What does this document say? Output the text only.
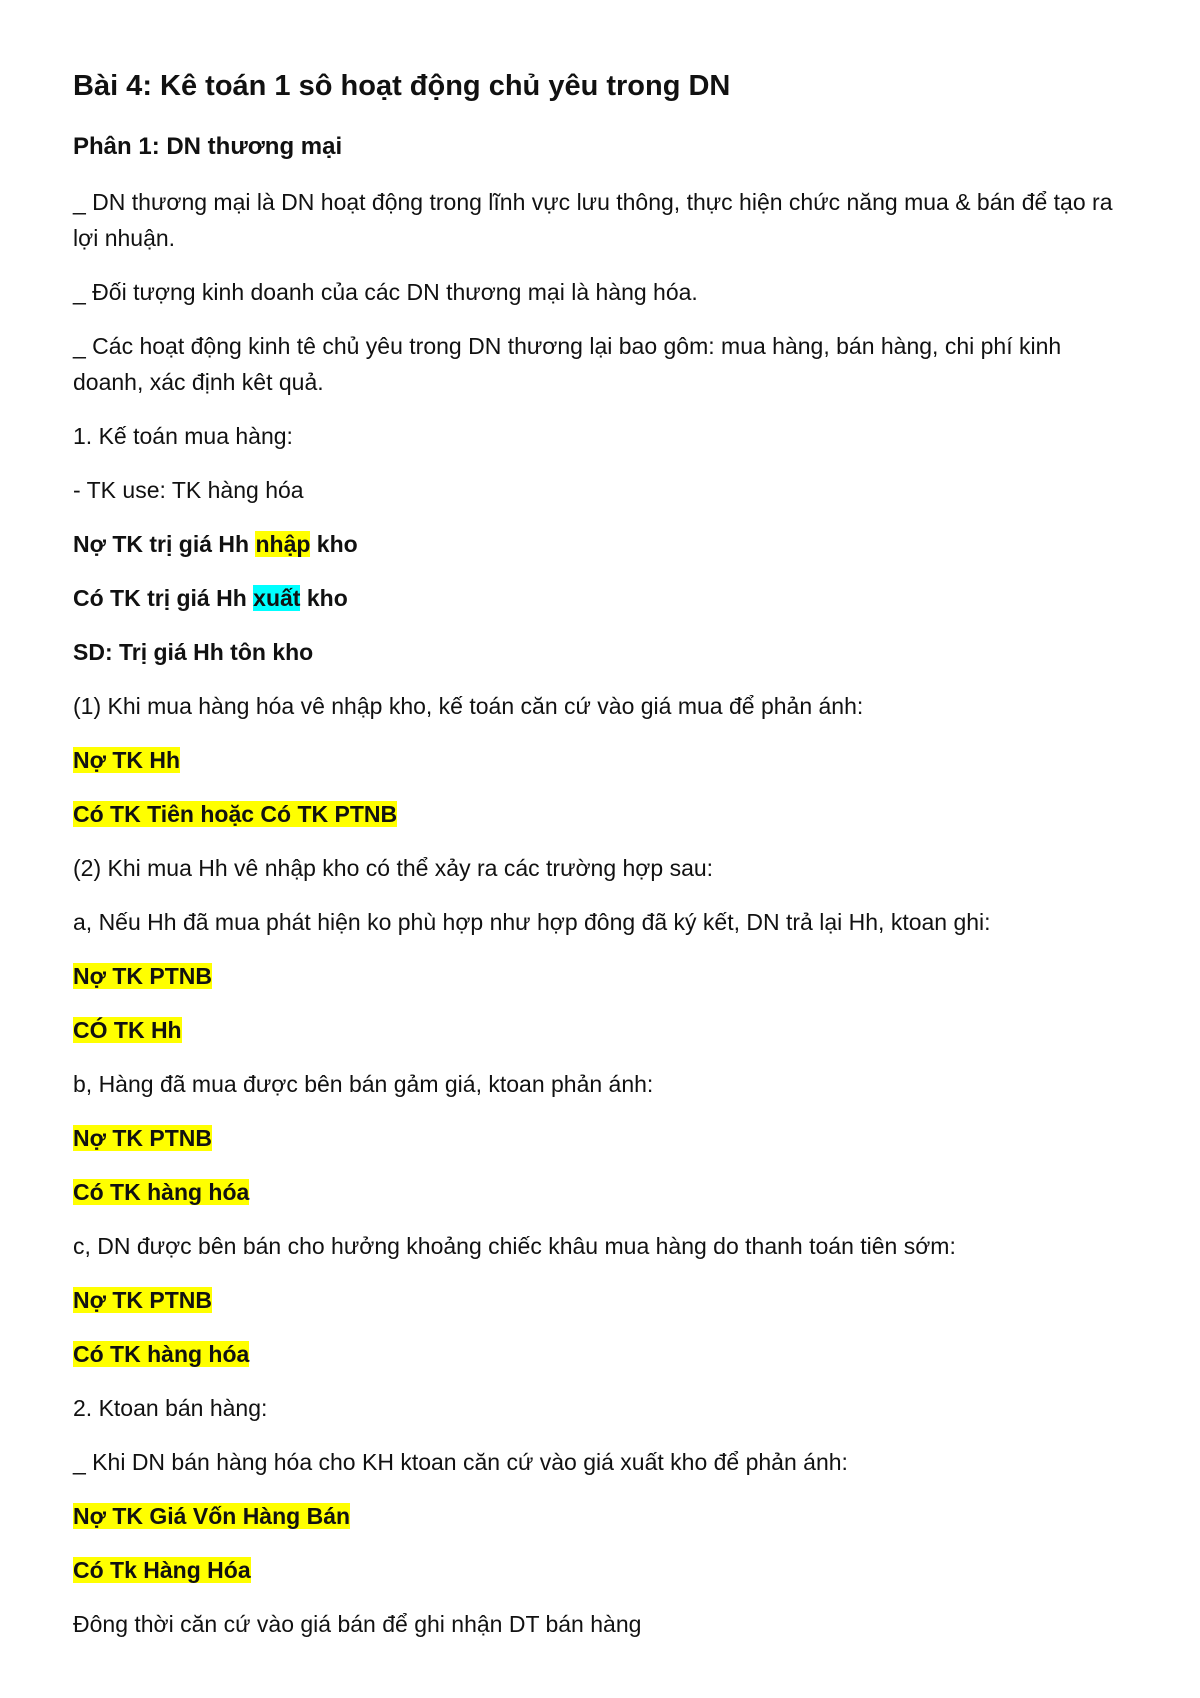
Bài 4: Kê toán 1 sô hoạt động chủ yêu trong DN
Phân 1: DN thương mại
_ DN thương mại là DN hoạt động trong lĩnh vực lưu thông, thực hiện chức năng mua & bán để tạo ra lợi nhuận.
_ Đối tượng kinh doanh của các DN thương mại là hàng hóa.
_ Các hoạt động kinh tê chủ yêu trong DN thương lại bao gôm: mua hàng, bán hàng, chi phí kinh doanh, xác định kêt quả.
1. Kế toán mua hàng:
- TK use: TK hàng hóa
Nợ TK trị giá Hh nhập kho
Có TK trị giá Hh xuất kho
SD: Trị giá Hh tôn kho
(1) Khi mua hàng hóa vê nhập kho, kế toán căn cứ vào giá mua để phản ánh:
Nợ TK Hh
Có TK Tiên hoặc Có TK PTNB
(2) Khi mua Hh vê nhập kho có thể xảy ra các trường hợp sau:
a, Nếu Hh đã mua phát hiện ko phù hợp như hợp đông đã ký kết, DN trả lại Hh, ktoan ghi:
Nợ TK PTNB
CÓ TK Hh
b, Hàng đã mua được bên bán gảm giá, ktoan phản ánh:
Nợ TK PTNB
Có TK hàng hóa
c, DN được bên bán cho hưởng khoảng chiếc khâu mua hàng do thanh toán tiên sớm:
Nợ TK PTNB
Có TK hàng hóa
2. Ktoan bán hàng:
_ Khi DN bán hàng hóa cho KH ktoan căn cứ vào giá xuất kho để phản ánh:
Nợ TK Giá Vốn Hàng Bán
Có Tk Hàng Hóa
Đông thời căn cứ vào giá bán để ghi nhận DT bán hàng
